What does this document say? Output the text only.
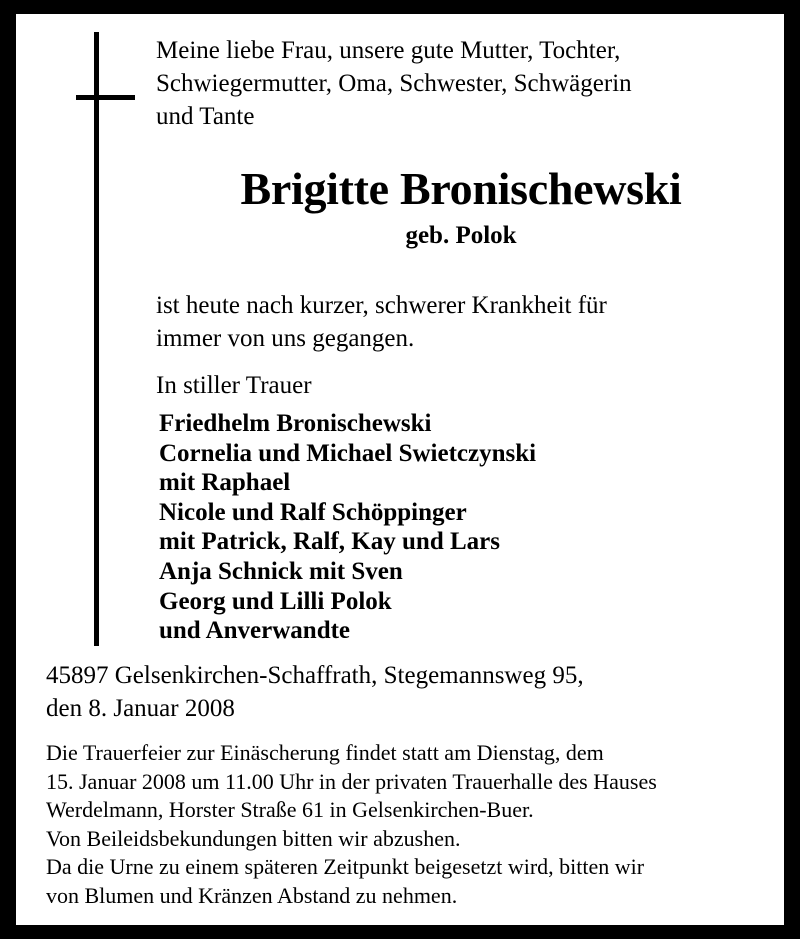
Meine liebe Frau, unsere gute Mutter, Tochter,
Schwiegermutter, Oma, Schwester, Schwägerin
und Tante
Brigitte Bronischewski
geb. Polok
ist heute nach kurzer, schwerer Krankheit für
immer von uns gegangen.
In stiller Trauer
Friedhelm Bronischewski
Cornelia und Michael Swietczynski
mit Raphael
Nicole und Ralf Schöppinger
mit Patrick, Ralf, Kay und Lars
Anja Schnick mit Sven
Georg und Lilli Polok
und Anverwandte
45897 Gelsenkirchen-Schaffrath, Stegemannsweg 95,
den 8. Januar 2008
Die Trauerfeier zur Einäscherung findet statt am Dienstag, dem
15. Januar 2008 um 11.00 Uhr in der privaten Trauerhalle des Hauses
Werdelmann, Horster Straße 61 in Gelsenkirchen-Buer.
Von Beileidsbekundungen bitten wir abzushen.
Da die Urne zu einem späteren Zeitpunkt beigesetzt wird, bitten wir
von Blumen und Kränzen Abstand zu nehmen.
